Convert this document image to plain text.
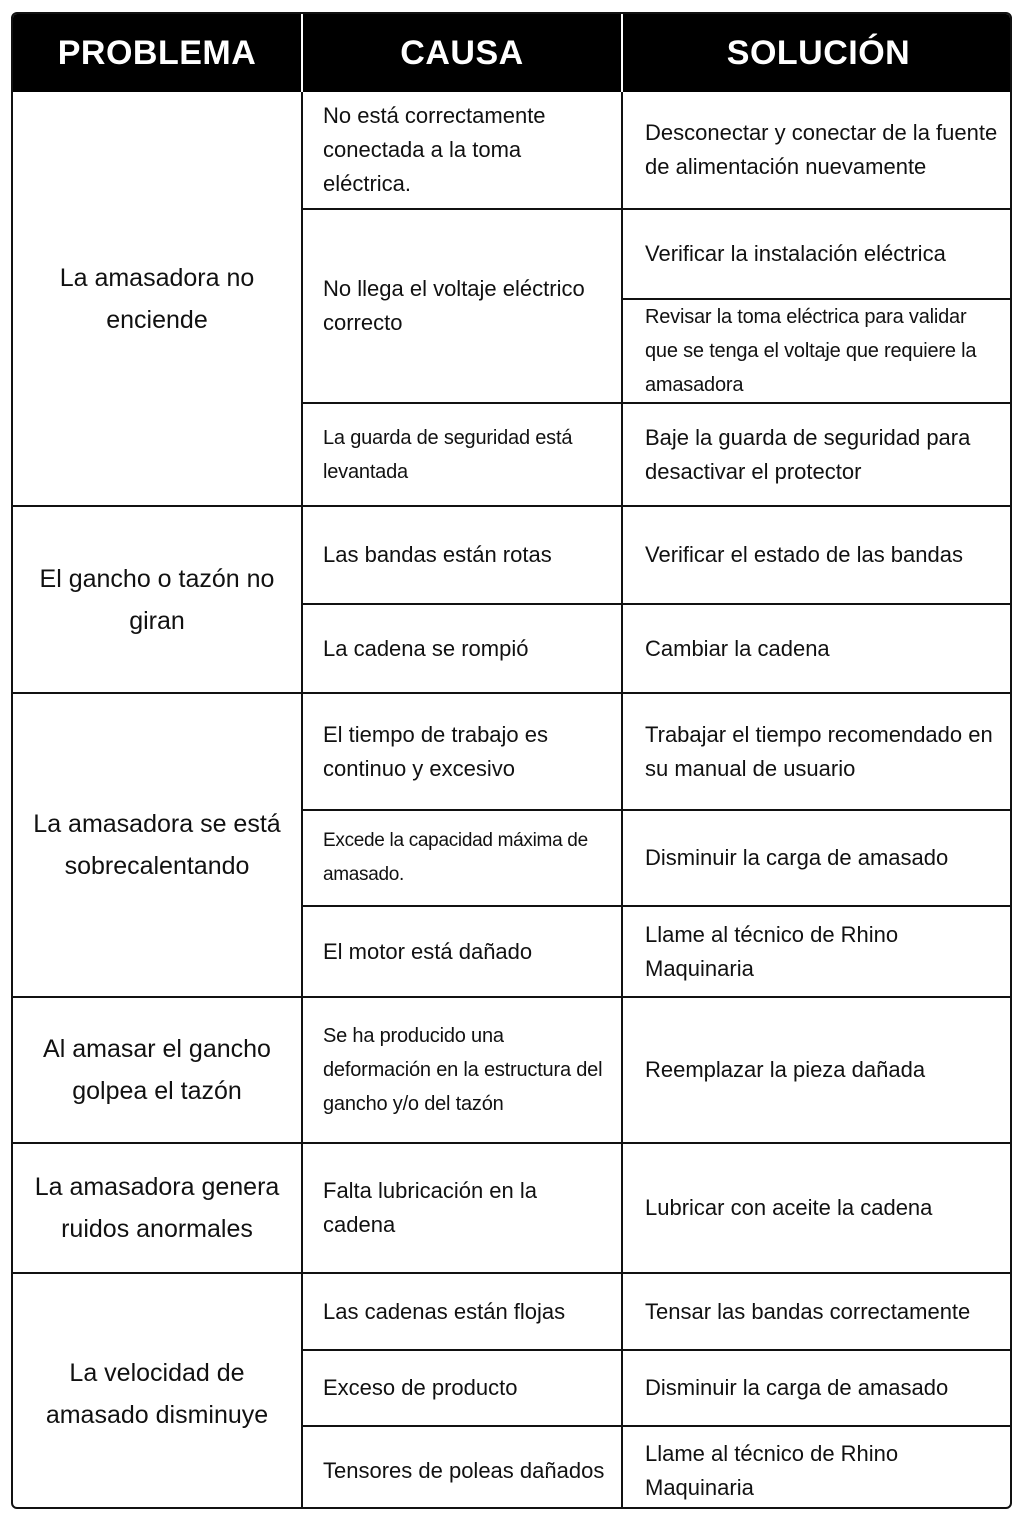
PROBLEMA	CAUSA	SOLUCIÓN
La amasadora no enciende	No está correctamente conectada a la toma eléctrica.	Desconectar y conectar de la fuente de alimentación nuevamente
	No llega el voltaje eléctrico correcto	Verificar la instalación eléctrica
		Revisar la toma eléctrica para validar que se tenga el voltaje que requiere la amasadora
	La guarda de seguridad está levantada	Baje la guarda de seguridad para desactivar el protector
El gancho o tazón no giran	Las bandas están rotas	Verificar el estado de las bandas
	La cadena se rompió	Cambiar la cadena
La amasadora se está sobrecalentando	El tiempo de trabajo es continuo y excesivo	Trabajar el tiempo recomendado en su manual de usuario
	Excede la capacidad máxima de amasado.	Disminuir la carga de amasado
	El motor está dañado	Llame al técnico de Rhino Maquinaria
Al amasar el gancho golpea el tazón	Se ha producido una deformación en la estructura del gancho y/o del tazón	Reemplazar la pieza dañada
La amasadora genera ruidos anormales	Falta lubricación en la cadena	Lubricar con aceite la cadena
La velocidad de amasado disminuye	Las cadenas están flojas	Tensar las bandas correctamente
	Exceso de producto	Disminuir la carga de amasado
	Tensores de poleas dañados	Llame al técnico de Rhino Maquinaria
